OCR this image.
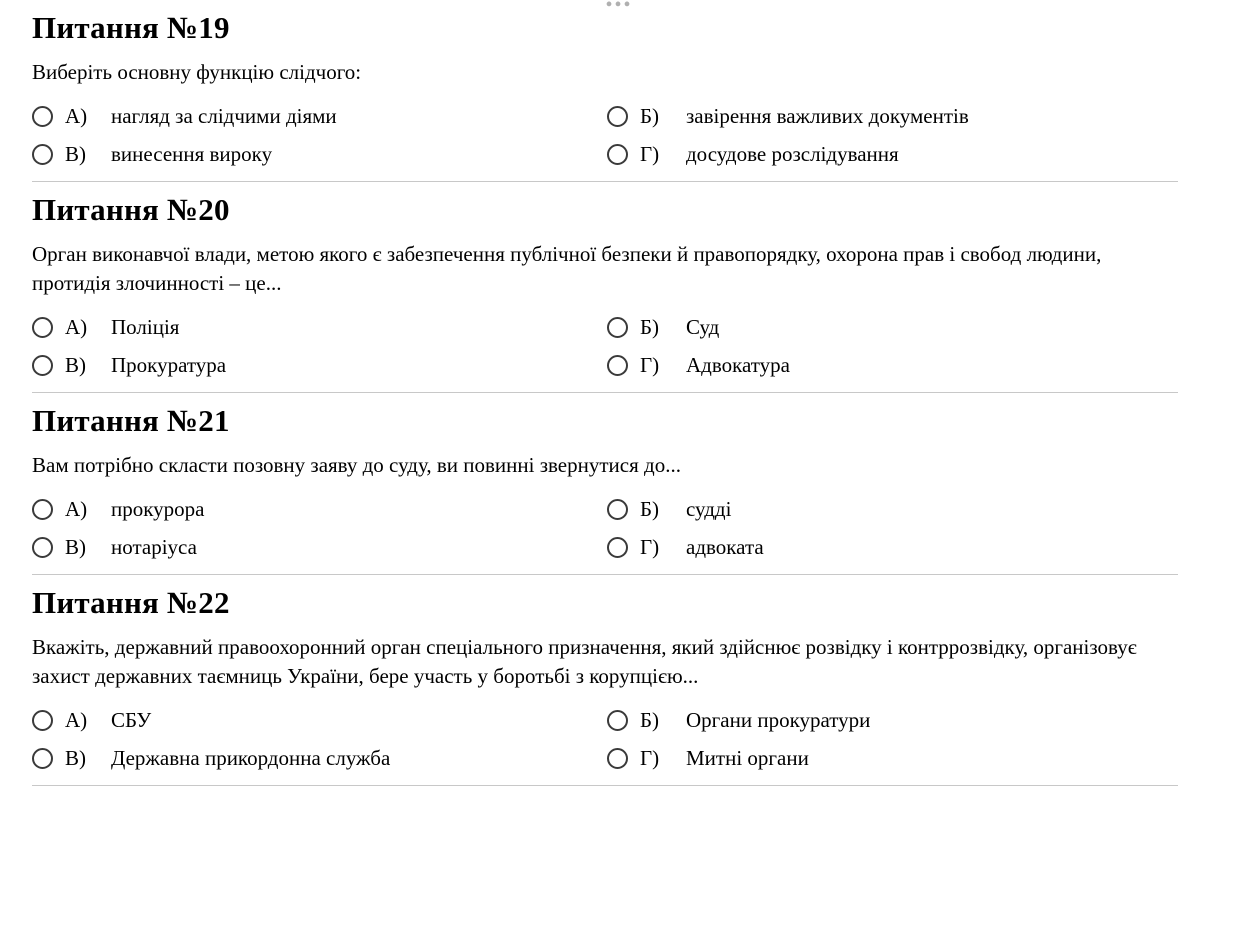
•••
Питання №19
Виберіть основну функцію слідчого:
А)	нагляд за слідчими діями	Б)	завірення важливих документів
В)	винесення вироку	Г)	досудове розслідування
Питання №20
Орган виконавчої влади, метою якого є забезпечення публічної безпеки й правопорядку, охорона прав і свобод людини, протидія злочинності – це...
А)	Поліція	Б)	Суд
В)	Прокуратура	Г)	Адвокатура
Питання №21
Вам потрібно скласти позовну заяву до суду, ви повинні звернутися до...
А)	прокурора	Б)	судді
В)	нотаріуса	Г)	адвоката
Питання №22
Вкажіть, державний правоохоронний орган спеціального призначення, який здійснює розвідку і контррозвідку, організовує захист державних таємниць України, бере участь у боротьбі з корупцією...
А)	СБУ	Б)	Органи прокуратури
В)	Державна прикордонна служба	Г)	Митні органи
